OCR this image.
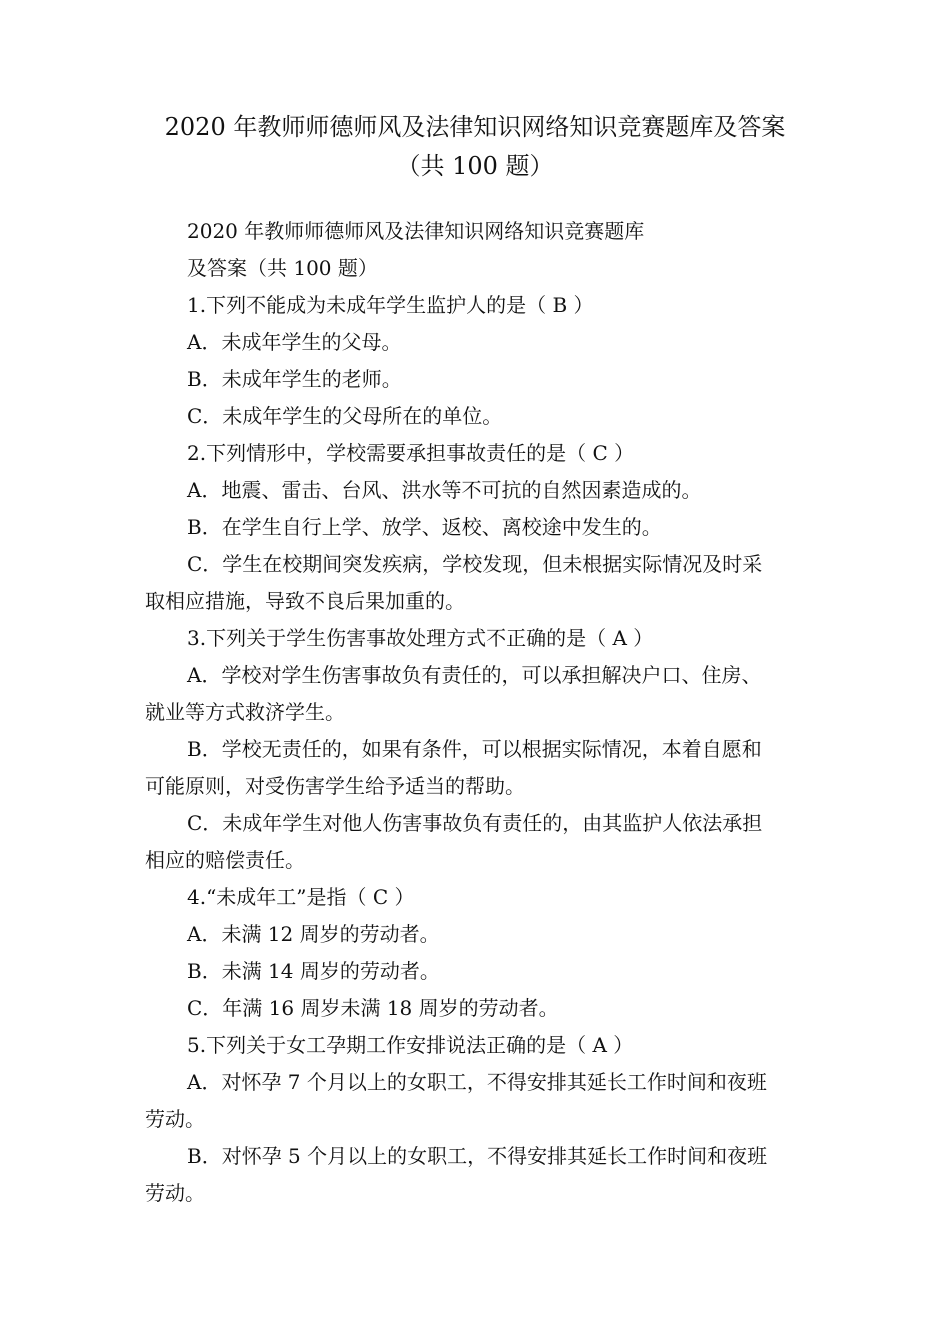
2020 年教师师德师风及法律知识网络知识竞赛题库及答案
（共 100 题）
2020 年教师师德师风及法律知识网络知识竞赛题库
及答案（共 100 题）
1.下列不能成为未成年学生监护人的是（ B ）
A．未成年学生的父母。
B．未成年学生的老师。
C．未成年学生的父母所在的单位。
2.下列情形中，学校需要承担事故责任的是（ C ）
A．地震、雷击、台风、洪水等不可抗的自然因素造成的。
B．在学生自行上学、放学、返校、离校途中发生的。
C．学生在校期间突发疾病，学校发现，但未根据实际情况及时采
取相应措施，导致不良后果加重的。
3.下列关于学生伤害事故处理方式不正确的是（ A ）
A．学校对学生伤害事故负有责任的，可以承担解决户口、住房、
就业等方式救济学生。
B．学校无责任的，如果有条件，可以根据实际情况，本着自愿和
可能原则，对受伤害学生给予适当的帮助。
C．未成年学生对他人伤害事故负有责任的，由其监护人依法承担
相应的赔偿责任。
4.“未成年工”是指（ C ）
A．未满 12 周岁的劳动者。
B．未满 14 周岁的劳动者。
C．年满 16 周岁未满 18 周岁的劳动者。
5.下列关于女工孕期工作安排说法正确的是（ A ）
A．对怀孕 7 个月以上的女职工，不得安排其延长工作时间和夜班
劳动。
B．对怀孕 5 个月以上的女职工，不得安排其延长工作时间和夜班
劳动。
